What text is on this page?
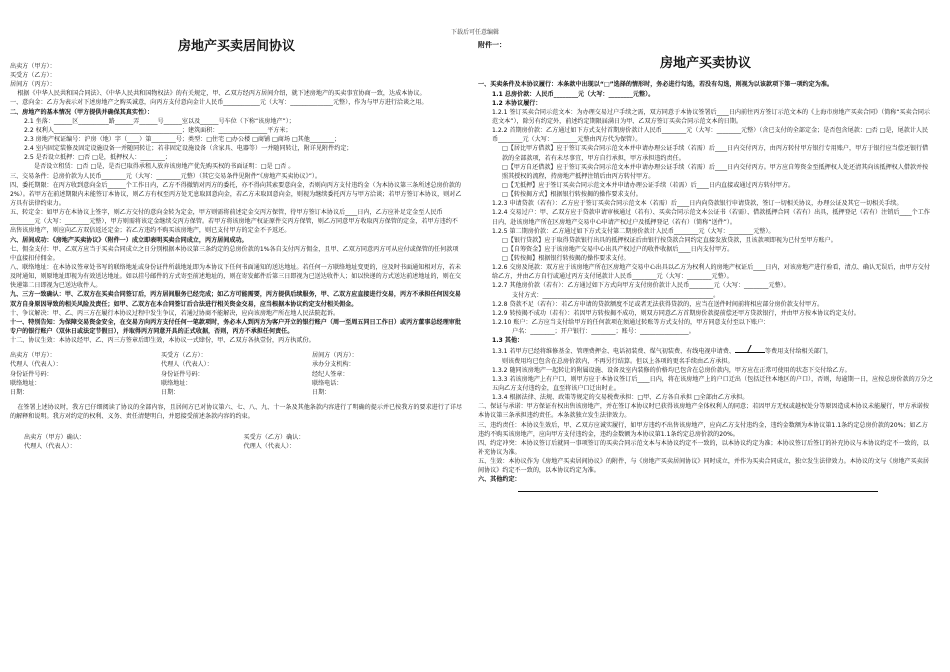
下载后可任意编辑
房地产买卖居间协议
出卖方（甲方）：
买受方（乙方）：
居间方（丙方）：
根据《中华人民共和国合同法》、《中华人民共和国物权法》的有关规定，甲、乙双方经丙方居间介绍，就下述房地产的买卖事宜协商一致，达成本协议。
一、意向金：乙方为表示对下述房地产之购买诚意，向丙方支付意向金计人民币____________元（大写：______________元整），作为与甲方进行洽谈之用。
二、房地产的基本情况（甲方提供并确保其真实性）：
2.1 坐落：______区__________路______弄______号______室以及______号车位（下称“该房地产”）；
2.2 权利人__________________________________________；建筑面积：________________平方米；
2.3 房地产权证编号：沪房（地）字（____）第________号；类型：□住宅 □办公楼 □商铺 □商场 □其他________；
2.4 室内固定装修及固定设施设备一并随同转让；若非固定设施设备（含家具、电器等）一并随同转让，附详见附件约定；
2.5 是否设立抵押：□否 □是，抵押权人：________；
是否设立租赁：□否 □是，是否已取得承租人放弃该房地产优先购买权的书面证明：□是 □否 。
三、交易条件：总房价款为人民币________元（大写：________元整）（其它交易条件见附件“《房地产买卖协议》”）。
四、委托期限：在丙方收到意向金后______个工作日内，乙方不得撤销对丙方的委托，亦不得向其索要意向金，否则向丙方支付违约金（为本协议第三条所述总房价款的2%）。若甲方在前述期限内未能签订本协议，则乙方有权至丙方处无息取回意向金，若乙方未取回意向金，则视为继续委托丙方与甲方洽谈；若甲方签订本协议，则对乙方具有法律约束力。
五、转定金：如甲方在本协议上签字，则乙方交付的意向金转为定金，甲方则需将前述定金交丙方保管，待甲方签订本协议后____日内，乙方应补足定金至人民币________元（大写：________元整），甲方则需将该定金继续交丙方保管。若甲方将该房地产权证原件交丙方保管，则乙方同意甲方收取丙方保管的定金，若甲方违约不出售该房地产，则应向乙方双倍返还定金；若乙方违约不购买该房地产，则已支付甲方的定金不予返还。
六、居间成功：《房地产买卖协议》（附件一）成立即表明买卖合同成立，丙方居间成功。
七、佣金支付：甲、乙双方应当于买卖合同成立之日分别根据本协议第三条约定的总房价款的1%各自支付丙方佣金，且甲、乙双方同意丙方可从应付或保管的任何款项中直接扣付佣金。
八、联络地址：在本协议签章处书写的联络地址或身份证件所载地址即为本协议下任何书面通知的送达地址。若任何一方联络地址变更的，应及时书面通知相对方，若未及时通知，则原地址即视为有效送达地址。如以挂号邮件的方式寄至前述地址的，则在寄发邮件后第三日即视为已送达收件人；如以快递的方式送达前述地址的，则在交快递第二日即视为已送达收件人。
九、三方一致确认：甲、乙双方在买卖合同签订后，丙方居间服务已经完成；如乙方可能需要，丙方提供后续服务，甲、乙双方应直接进行交易，丙方不承担任何因交易双方自身原因导致的相关风险及责任；如甲、乙双方在本合同签订后合法进行相关资金交易，应当根据本协议约定支付相关佣金。
十、争议解决：甲、乙、丙三方在履行本协议过程中发生争议，若通过协商不能解决，应向该房地产所在地人民法院起诉。
十一、特别告知：为保障交易资金安全，在交易方向丙方支付任何一笔款项时，务必本人到丙方为客户开立的银行账户（周一至周五同日工作日）或丙方董事总经理审批专户的银行账户（双休日或法定节假日），并取得丙方同意开具的正式收据，否则，丙方不承担任何责任。
十二、协议生效：本协议经甲、乙、丙三方签章后即生效，本协议一式肆份，甲、乙双方各执壹份，丙方执贰份。
出卖方（甲方）：	买受方（乙方）：	居间方（丙方）：
代理人（代表人）：	代理人（代表人）：	承办分支机构：
身份证件号码：	身份证件号码：	经纪人签章：
联络地址：	联络地址：	联络电话：
日期：	日期：	日期：
在签署上述协议时，我方已仔细阅读了协议的全部内容，且居间方已对协议第六、七、八、九、十一条及其他条款内容进行了明确的提示并已按我方的要求进行了详尽的解释和说明。我方对约定的权利、义务、责任清楚明白，并愿接受前述条款内容的约束。
出卖方（甲方）确认：	买受方（乙方）确认：
代理人（代表人）：	代理人（代表人）：
附件一：
房地产买卖协议
一、买卖条件及本协议履行：本条款中出现以“□”选择的情形时，务必进行勾选，若没有勾选，则视为以该款项下第一项约定为准。
1.1 总房价款：人民币________元（大写：________元整）。
1.2 本协议履行：
1.2.1 签订买卖合同示范文本：为办理交易过户手续之需，双方同意于本协议签署后____日内前往丙方签订示范文本的《上海市房地产买卖合同》（简称“买卖合同示范文本”），除另有约定外，前述约定期限届满日为甲、乙双方签订买卖合同示范文本的日期。
1.2.2 首期房价款：乙方通过如下方式支付首期房价款计人民币________元（大写：________元整）（含已支付的全部定金；是否包含尾款：□否 □是，尾款计人民币________元（大写：________元整由丙方代为保管）。
□【居比甲方借款】应于签订买卖合同示范文本并申请办理公证手续（若需）后____日内交付丙方，由丙方转付甲方银行专用账户，甲方于银行应当偿还银行借款的全部款项，若有未尽事宜，甲方自行承担，甲方承担违约责任。
□【甲方自还借款】应于签订买卖合同示范文本并申请办理公证手续（若需）后____日内交付丙方。甲方应自筹资金至抵押权人处还清其向该抵押权人借款并按照其授权的流程，持房地产抵押注销后由丙方转付甲方。
□【无抵押】应于签订买卖合同示范文本并申请办理公证手续（若需）后____日内直接或通过丙方转付甲方。
□【转按揭方式】根据银行转按揭的操作要求支付。
1.2.3 申请贷款（若有）：乙方应于签订买卖合同示范文本（若需）后____日内向贷款银行申请贷款，签订一切相关协议，办理公证及其它一切相关手续。
1.2.4 交易过户：甲、乙双方应于贷款申请审核通过（若有）、买卖合同示范文本公证书（若需）、借款抵押合同（若有）出具，抵押登记（若有）注销后____个工作日内，赴该房地产所在区房地产交易中心申请产权过户及抵押登记（若有）（简称“送件”）。
1.2.5 第二期房价款：乙方通过如下方式支付第二期房价款计人民币________元（大写：________元整）。
□【银行贷款】应于取得贷款银行出具的抵押权证后由银行按贷款合同约定直接发放贷款，且该款项即视为已付至甲方账户。
□【自筹资金】应于该房地产交易中心出具产权过户的收件收据后____日内支付甲方。
□【转按揭】根据银行转按揭的操作要求支付。
1.2.6 交房及尾款：双方应于该房地产所在区房地产交易中心出具以乙方为权利人的房地产权证后____日内，对该房地产进行验看，清点、确认无误后，由甲方交付给乙方，并由乙方自行或通过丙方支付尾款计人民币________元（大写：________元整）。
1.2.7 其他房价款（若有）：乙方通过如下方式向甲方支付房价款计人民币________元（大写：________元整）。
支付方式：________________________________________________________。
1.2.8 贷款不足（若有）：若乙方申请的贷款额度不足或者无法获得贷款的，应当在送件时间前将相应部分房价款支付甲方。
1.2.9 转按揭不成功（若有）：若因甲方转按揭不成功，则双方同意乙方首期房价款提前偿还甲方贷款银行，并由甲方按本协议约定支付。
1.2.10 账户：乙方应当支付给甲方的任何款项在须通过转账等方式支付的，甲方同意支付至以下账户：
户名：________；开户银行：________；账号：________________。
1.3 其他：
1.3.1 若甲方已经将维修基金、管理费押金、电话初装费、煤气初装费、有线电视申请费、	等费用支付给相关部门，
则该费用均已包含在总房价款内，不再另行结算。但以上各项的更名手续由乙方承担。
1.3.2 随同该房地产一起转让的附属设施、设备及室内装修的价格均已包含在总房价款内，甲方应在正常可使用的状态下交付给乙方。
1.3.3 若该房地产上有户口，则甲方应于本协议签订后____日内，将在该房地产上的户口迁出（包括迁往本地区的户口），否则，每逾期一日，应按总房价款的万分之五向乙方支付违约金，直至将该户口迁出时止。
1.3.4 根据法律、法规、政策等规定的交易税费承担：□甲、乙方各自承担 □全部由乙方承担。
二、保证与承诺：甲方保证有权出售该房地产，并在签订本协议时已获得该房地产全体权利人的同意；若因甲方无权或越权处分等原因造成本协议未能履行，甲方承诺按本协议第三条承担违约责任。本条款独立发生法律效力。
三、违约责任：本协议生效后，甲、乙双方应诚实履行，如甲方违约不出售该房地产，应向乙方支付违约金，违约金数额为本协议第1.1条约定总房价款的20%；如乙方违约不购买该房地产，应向甲方支付违约金，违约金数额为本协议第1.1条约定总房价款的20%。
四、约定冲突：本协议签订后就同一事项签订的买卖合同示范文本与本协议约定不一致的，以本协议约定为准；本协议签订后签订的补充协议与本协议约定不一致的，以补充协议为准。
五、生效：本协议作为《房地产买卖居间协议》的附件，与《房地产买卖居间协议》同时成立，并作为买卖合同成立，独立发生法律效力。本协议的文与《房地产买卖居间协议》约定不一致的，以本协议约定为准。
六、其他约定：
